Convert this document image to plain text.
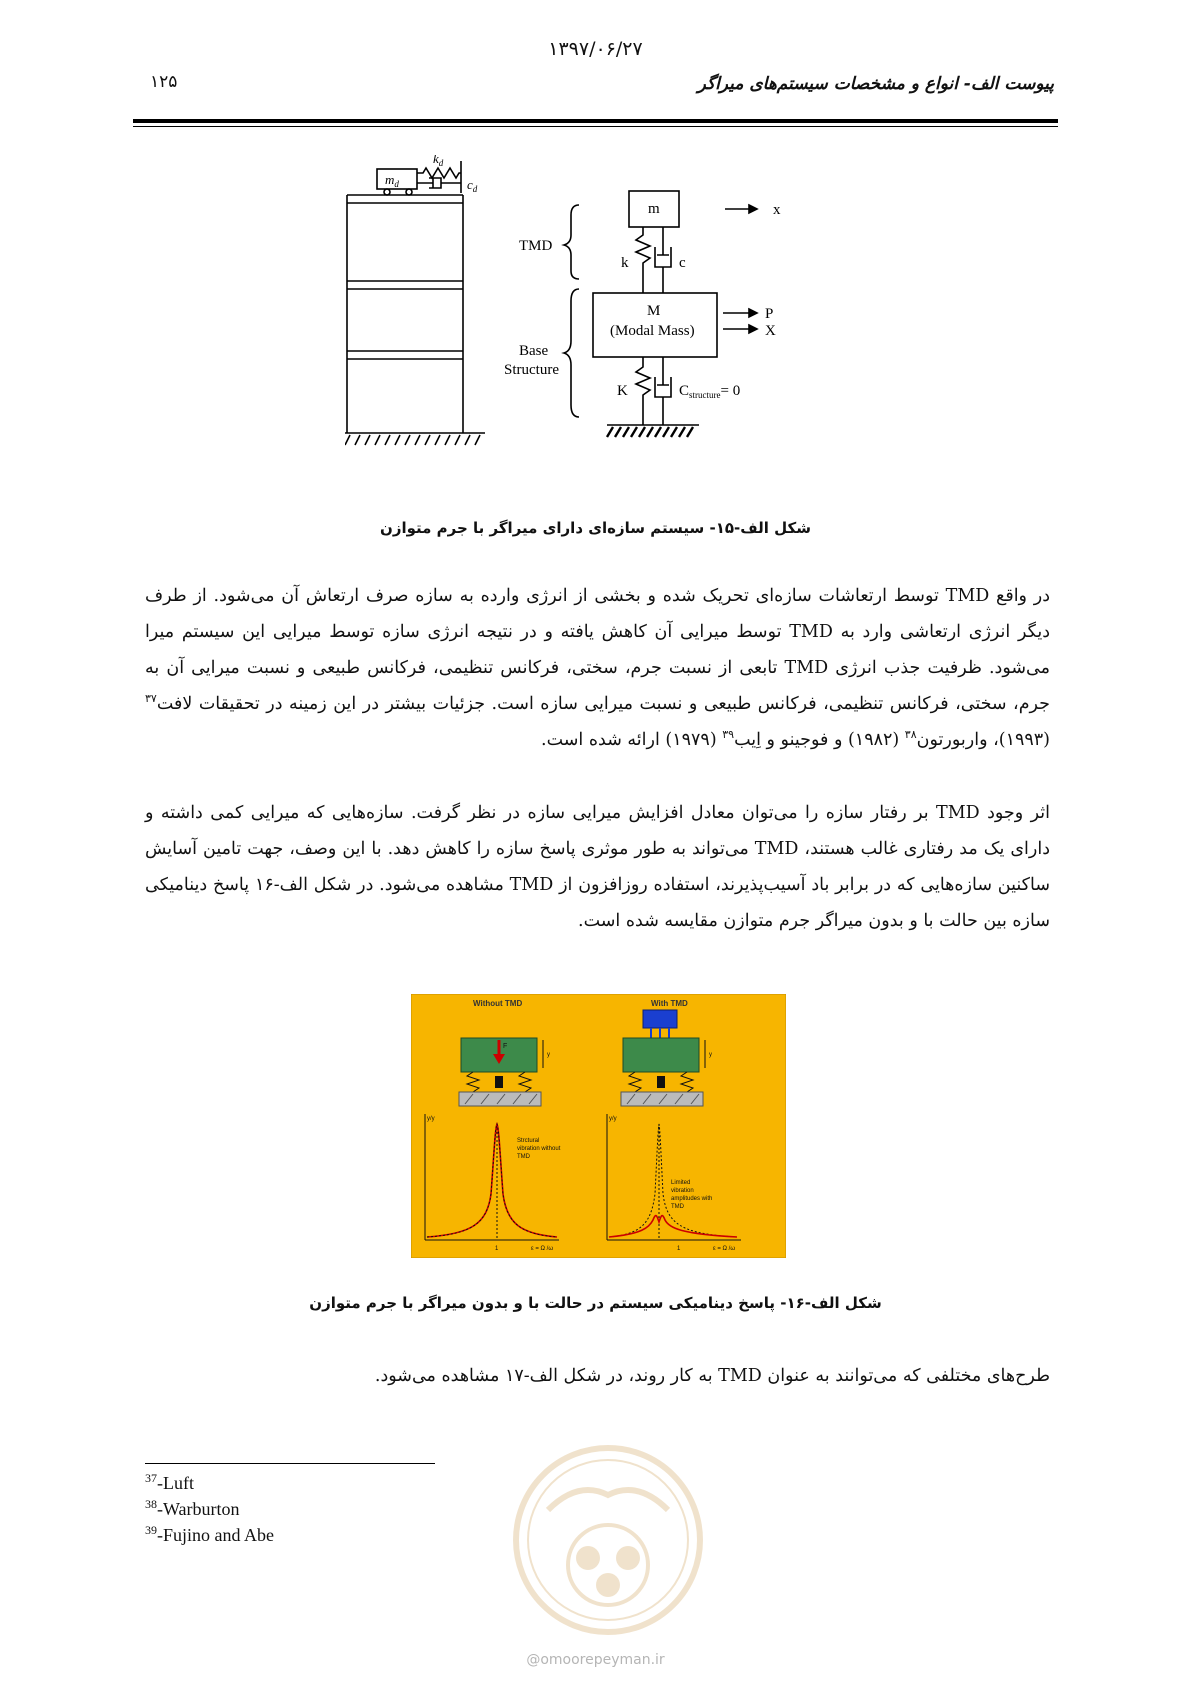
۱۳۹۷/۰۶/۲۷
۱۲۵	پیوست الف- انواع و مشخصات سیستم‌های میراگر
$m_d$
$k_d$
$c_d$
TMD
m	x
k	c
M
(Modal Mass)
P
X
Base
Structure
K	$C_{structure}= 0$
شکل الف-۱۵- سیستم سازه‌ای دارای میراگر با جرم متوازن

در واقع TMD توسط ارتعاشات سازه‌ای تحریک شده و بخشی از انرژی وارده به سازه صرف ارتعاش آن می‌شود. از طرف دیگر انرژی ارتعاشی وارد به TMD توسط میرایی آن کاهش یافته و در نتیجه انرژی سازه توسط میرایی این سیستم میرا می‌شود. ظرفیت جذب انرژی TMD تابعی از نسبت جرم، سختی، فرکانس تنظیمی، فرکانس طبیعی و نسبت میرایی آن به جرم، سختی، فرکانس تنظیمی، فرکانس طبیعی و نسبت میرایی سازه است. جزئیات بیشتر در این زمینه در تحقیقات لافت$^{۳۷}$ (۱۹۹۳)، واربورتون$^{۳۸}$ (۱۹۸۲) و فوجینو و اِیب$^{۳۹}$ (۱۹۷۹) ارائه شده است.

اثر وجود TMD بر رفتار سازه را می‌توان معادل افزایش میرایی سازه در نظر گرفت. سازه‌هایی که میرایی کمی داشته و دارای یک مد رفتاری غالب هستند، TMD می‌تواند به طور موثری پاسخ سازه را کاهش دهد. با این وصف، جهت تامین آسایش ساکنین سازه‌هایی که در برابر باد آسیب‌پذیرند، استفاده روزافزون از TMD مشاهده می‌شود. در شکل الف-۱۶ پاسخ دینامیکی سازه بین حالت با و بدون میراگر جرم متوازن مقایسه شده است.

Without TMD	With TMD
F
y	y
y/y
ε = Ω /ω
1
Strctural vibration without TMD
y/y
ε = Ω /ω
1
Limited vibration amplitudes with TMD
شکل الف-۱۶- پاسخ دینامیکی سیستم در حالت با و بدون میراگر با جرم متوازن

طرح‌های مختلفی که می‌توانند به عنوان TMD به کار روند، در شکل الف-۱۷ مشاهده می‌شود.

$^{37}$-Luft
$^{38}$-Warburton
$^{39}$-Fujino and Abe
@omoorepeyman.ir
